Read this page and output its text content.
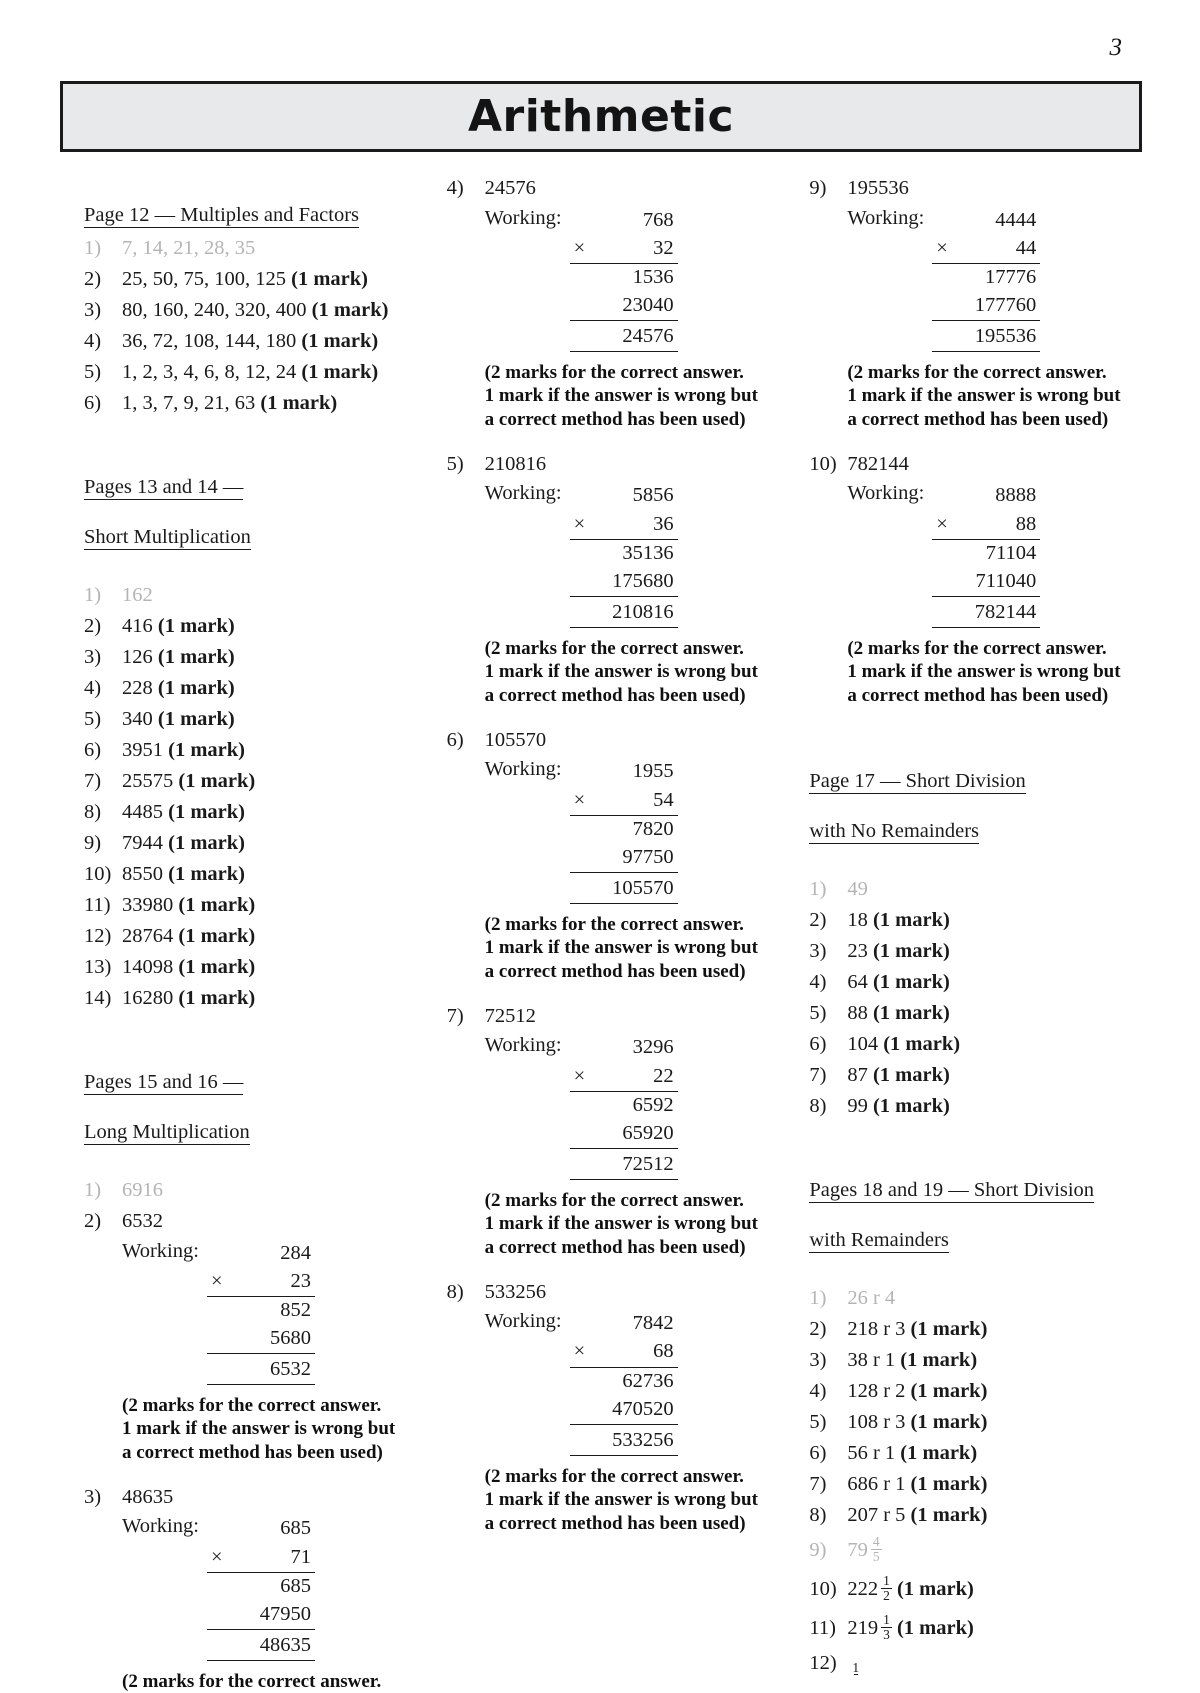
3
Arithmetic

Page 12 — Multiples and Factors

1)	7, 14, 21, 28, 35
2)	25, 50, 75, 100, 125 (1 mark)
3)	80, 160, 240, 320, 400 (1 mark)
4)	36, 72, 108, 144, 180 (1 mark)
5)	1, 2, 3, 4, 6, 8, 12, 24 (1 mark)
6)	1, 3, 7, 9, 21, 63 (1 mark)

Pages 13 and 14 —

Short Multiplication

1)	162
2)	416 (1 mark)
3)	126 (1 mark)
4)	228 (1 mark)
5)	340 (1 mark)
6)	3951 (1 mark)
7)	25575 (1 mark)
8)	4485 (1 mark)
9)	7944 (1 mark)
10) 8550 (1 mark)
11) 33980 (1 mark)
12) 28764 (1 mark)
13) 14098 (1 mark)
14) 16280 (1 mark)

Pages 15 and 16 —

Long Multiplication

1)	6916
2)	6532
Working:	284
×	23
852
5680
6532
(2 marks for the correct answer.
1 mark if the answer is wrong but
a correct method has been used)
3)	48635
Working:	685
×	71
685
47950
48635
(2 marks for the correct answer.
4)	24576
Working:	768
×	32
1536
23040
24576
(2 marks for the correct answer.
1 mark if the answer is wrong but
a correct method has been used)
5)	210816
Working:	5856
×	36
35136
175680
210816
(2 marks for the correct answer.
1 mark if the answer is wrong but
a correct method has been used)
6)	105570
Working:	1955
×	54
7820
97750
105570
(2 marks for the correct answer.
1 mark if the answer is wrong but
a correct method has been used)
7)	72512
Working:	3296
×	22
6592
65920
72512
(2 marks for the correct answer.
1 mark if the answer is wrong but
a correct method has been used)
8)	533256
Working:	7842
×	68
62736
470520
533256
(2 marks for the correct answer.
1 mark if the answer is wrong but
a correct method has been used)
9)	195536
Working:	4444
×	44
17776
177760
195536
(2 marks for the correct answer.
1 mark if the answer is wrong but
a correct method has been used)
10) 782144
Working:	8888
×	88
71104
711040
782144
(2 marks for the correct answer.
1 mark if the answer is wrong but
a correct method has been used)

Page 17 — Short Division

with No Remainders

1)	49
2)	18 (1 mark)
3)	23 (1 mark)
4)	64 (1 mark)
5)	88 (1 mark)
6)	104 (1 mark)
7)	87 (1 mark)
8)	99 (1 mark)

Pages 18 and 19 — Short Division

with Remainders

1)	26 r 4
2)	218 r 3 (1 mark)
3)	38 r 1 (1 mark)
4)	128 r 2 (1 mark)
5)	108 r 3 (1 mark)
6)	56 r 1 (1 mark)
7)	686 r 1 (1 mark)
8)	207 r 5 (1 mark)
9)	$79 \frac{4}{5}$
10) $222 \frac{1}{2} (1$ mark)
11) $219 \frac{1}{3} (1$ mark)
12)	1
